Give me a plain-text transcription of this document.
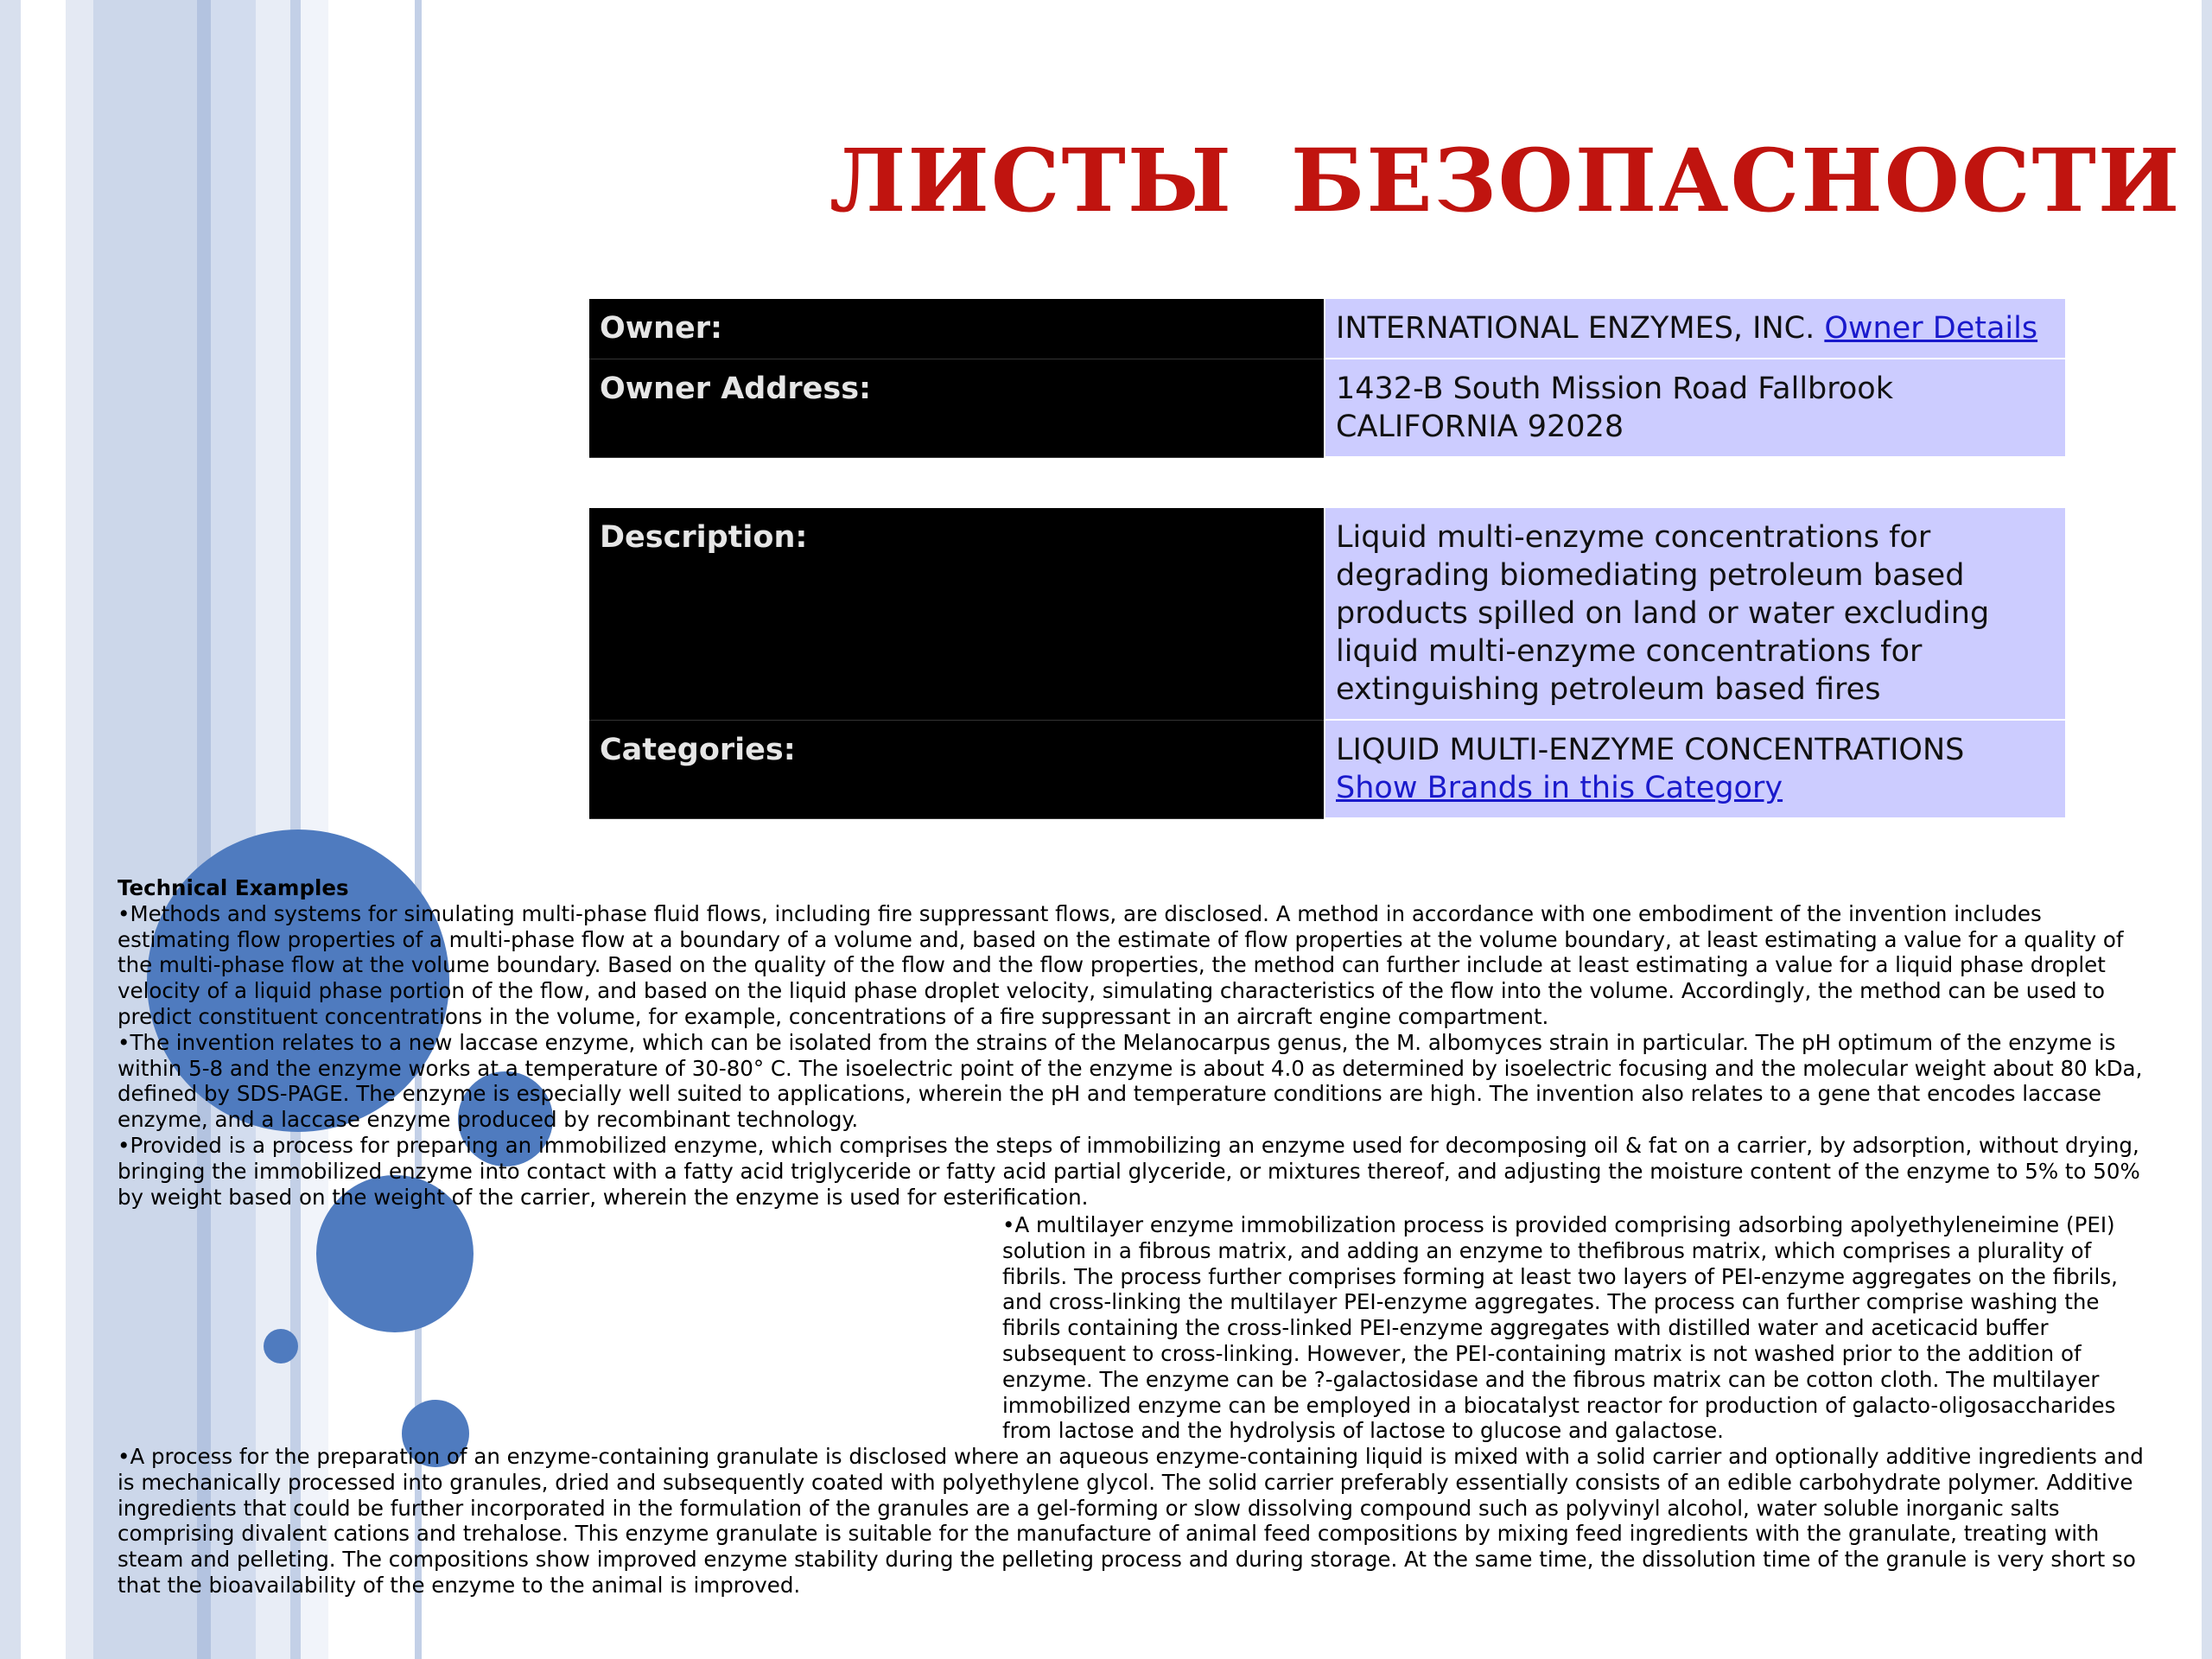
ЛИСТЫ БЕЗОПАСНОСТИ
Owner:	INTERNATIONAL ENZYMES, INC. Owner Details
Owner Address:	1432-B South Mission Road Fallbrook CALIFORNIA 92028
Description:	Liquid multi-enzyme concentrations for degrading biomediating petroleum based products spilled on land or water excluding liquid multi-enzyme concentrations for extinguishing petroleum based fires
Categories:	LIQUID MULTI-ENZYME CONCENTRATIONS Show Brands in this Category

Technical Examples

•Methods and systems for simulating multi-phase fluid flows, including fire suppressant flows, are disclosed. A method in accordance with one embodiment of the invention includes estimating flow properties of a multi-phase flow at a boundary of a volume and, based on the estimate of flow properties at the volume boundary, at least estimating a value for a quality of the multi-phase flow at the volume boundary. Based on the quality of the flow and the flow properties, the method can further include at least estimating a value for a liquid phase droplet velocity of a liquid phase portion of the flow, and based on the liquid phase droplet velocity, simulating characteristics of the flow into the volume. Accordingly, the method can be used to predict constituent concentrations in the volume, for example, concentrations of a fire suppressant in an aircraft engine compartment.

•The invention relates to a new laccase enzyme, which can be isolated from the strains of the Melanocarpus genus, the M. albomyces strain in particular. The pH optimum of the enzyme is within 5-8 and the enzyme works at a temperature of 30-80° C. The isoelectric point of the enzyme is about 4.0 as determined by isoelectric focusing and the molecular weight about 80 kDa, defined by SDS-PAGE. The enzyme is especially well suited to applications, wherein the pH and temperature conditions are high. The invention also relates to a gene that encodes laccase enzyme, and a laccase enzyme produced by recombinant technology.

•Provided is a process for preparing an immobilized enzyme, which comprises the steps of immobilizing an enzyme used for decomposing oil & fat on a carrier, by adsorption, without drying, bringing the immobilized enzyme into contact with a fatty acid triglyceride or fatty acid partial glyceride, or mixtures thereof, and adjusting the moisture content of the enzyme to 5% to 50% by weight based on the weight of the carrier, wherein the enzyme is used for esterification.

•A multilayer enzyme immobilization process is provided comprising adsorbing apolyethyleneimine (PEI) solution in a fibrous matrix, and adding an enzyme to thefibrous matrix, which comprises a plurality of fibrils. The process further comprises forming at least two layers of PEI-enzyme aggregates on the fibrils, and cross-linking the multilayer PEI-enzyme aggregates. The process can further comprise washing the fibrils containing the cross-linked PEI-enzyme aggregates with distilled water and aceticacid buffer subsequent to cross-linking. However, the PEI-containing matrix is not washed prior to the addition of enzyme. The enzyme can be ?-galactosidase and the fibrous matrix can be cotton cloth. The multilayer immobilized enzyme can be employed in a biocatalyst reactor for production of galacto-oligosaccharides from lactose and the hydrolysis of lactose to glucose and galactose.

•A process for the preparation of an enzyme-containing granulate is disclosed where an aqueous enzyme-containing liquid is mixed with a solid carrier and optionally additive ingredients and is mechanically processed into granules, dried and subsequently coated with polyethylene glycol. The solid carrier preferably essentially consists of an edible carbohydrate polymer. Additive ingredients that could be further incorporated in the formulation of the granules are a gel-forming or slow dissolving compound such as polyvinyl alcohol, water soluble inorganic salts comprising divalent cations and trehalose. This enzyme granulate is suitable for the manufacture of animal feed compositions by mixing feed ingredients with the granulate, treating with steam and pelleting. The compositions show improved enzyme stability during the pelleting process and during storage. At the same time, the dissolution time of the granule is very short so that the bioavailability of the enzyme to the animal is improved.
